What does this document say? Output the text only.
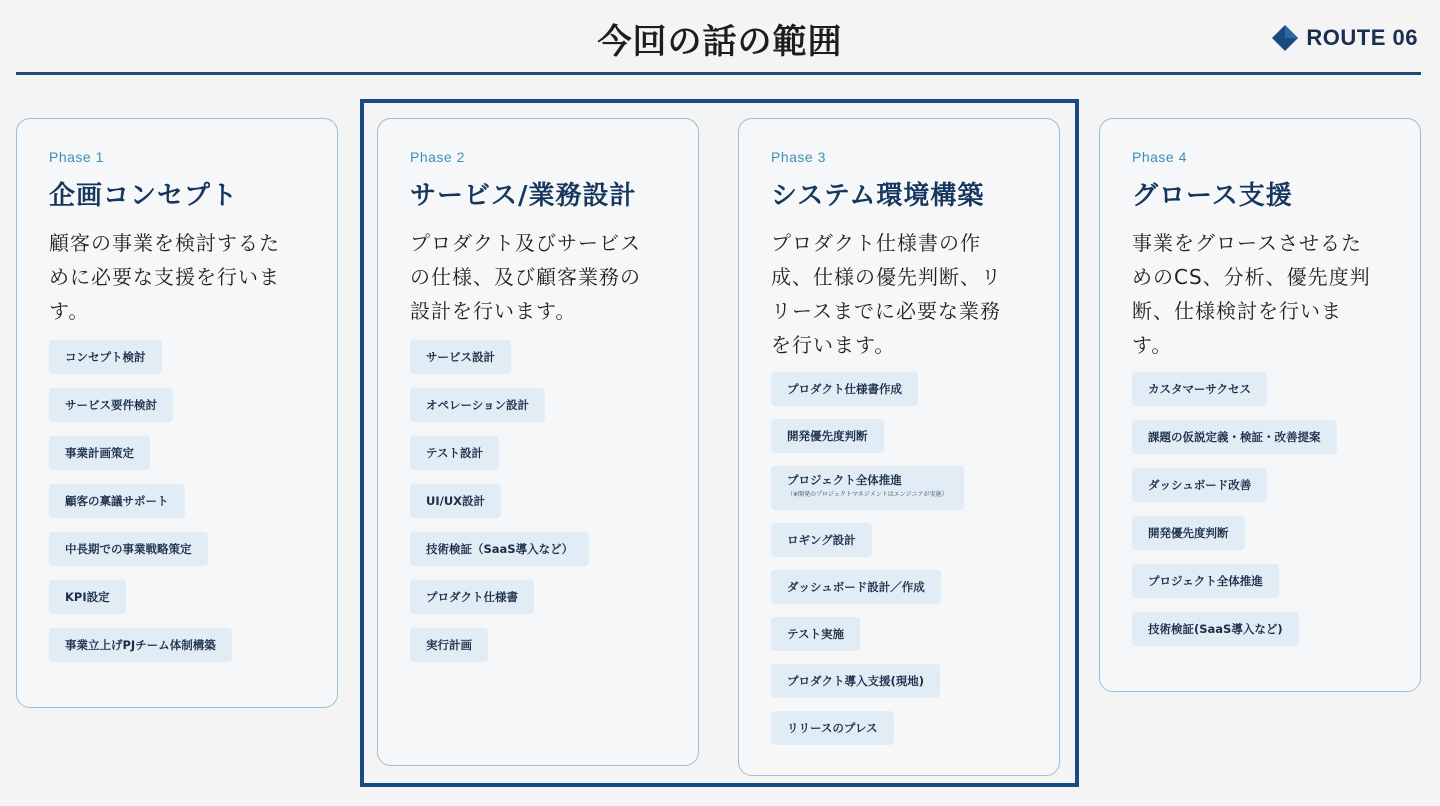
今回の話の範囲	ROUTE 06
Phase 1
企画コンセプト
顧客の事業を検討するために必要な支援を行います。
コンセプト検討
サービス要件検討
事業計画策定
顧客の稟議サポート
中長期での事業戦略策定
KPI設定
事業立上げPJチーム体制構築
Phase 2
サービス/業務設計
プロダクト及びサービスの仕様、及び顧客業務の設計を行います。
サービス設計
オペレーション設計
テスト設計
UI/UX設計
技術検証（SaaS導入など）
プロダクト仕様書
実行計画
Phase 3
システム環境構築
プロダクト仕様書の作成、仕様の優先判断、リリースまでに必要な業務を行います。
プロダクト仕様書作成
開発優先度判断
プロジェクト全体推進
（※開発のプロジェクトマネジメントはエンジニアが実施）
ロギング設計
ダッシュボード設計／作成
テスト実施
プロダクト導入支援(現地)
リリースのプレス
Phase 4
グロース支援
事業をグロースさせるためのCS、分析、優先度判断、仕様検討を行います。
カスタマーサクセス
課題の仮説定義・検証・改善提案
ダッシュボード改善
開発優先度判断
プロジェクト全体推進
技術検証(SaaS導入など)
